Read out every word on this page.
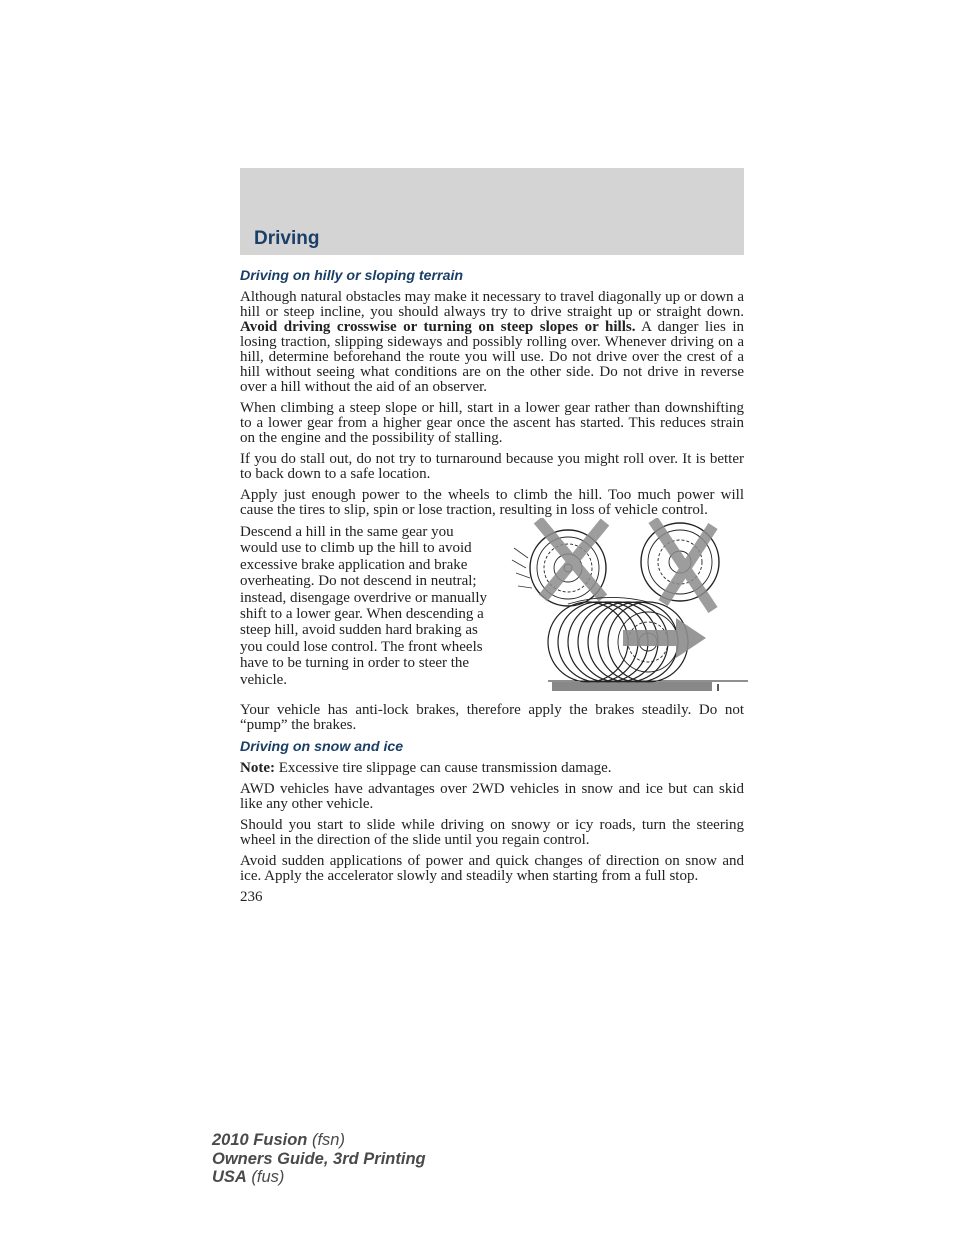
Driving
Driving on hilly or sloping terrain

Although natural obstacles may make it necessary to travel diagonally up or down a hill or steep incline, you should always try to drive straight up or straight down. Avoid driving crosswise or turning on steep slopes or hills. A danger lies in losing traction, slipping sideways and possibly rolling over. Whenever driving on a hill, determine beforehand the route you will use. Do not drive over the crest of a hill without seeing what conditions are on the other side. Do not drive in reverse over a hill without the aid of an observer.

When climbing a steep slope or hill, start in a lower gear rather than downshifting to a lower gear from a higher gear once the ascent has started. This reduces strain on the engine and the possibility of stalling.

If you do stall out, do not try to turnaround because you might roll over. It is better to back down to a safe location.

Apply just enough power to the wheels to climb the hill. Too much power will cause the tires to slip, spin or lose traction, resulting in loss of vehicle control.

Descend a hill in the same gear you would use to climb up the hill to avoid excessive brake application and brake overheating. Do not descend in neutral; instead, disengage overdrive or manually shift to a lower gear. When descending a steep hill, avoid sudden hard braking as you could lose control. The front wheels have to be turning in order to steer the vehicle.

Your vehicle has anti-lock brakes, therefore apply the brakes steadily. Do not “pump” the brakes.

Driving on snow and ice

Note: Excessive tire slippage can cause transmission damage.

AWD vehicles have advantages over 2WD vehicles in snow and ice but can skid like any other vehicle.

Should you start to slide while driving on snowy or icy roads, turn the steering wheel in the direction of the slide until you regain control.

Avoid sudden applications of power and quick changes of direction on snow and ice. Apply the accelerator slowly and steadily when starting from a full stop.

236
2010 Fusion (fsn)
Owners Guide, 3rd Printing
USA (fus)
